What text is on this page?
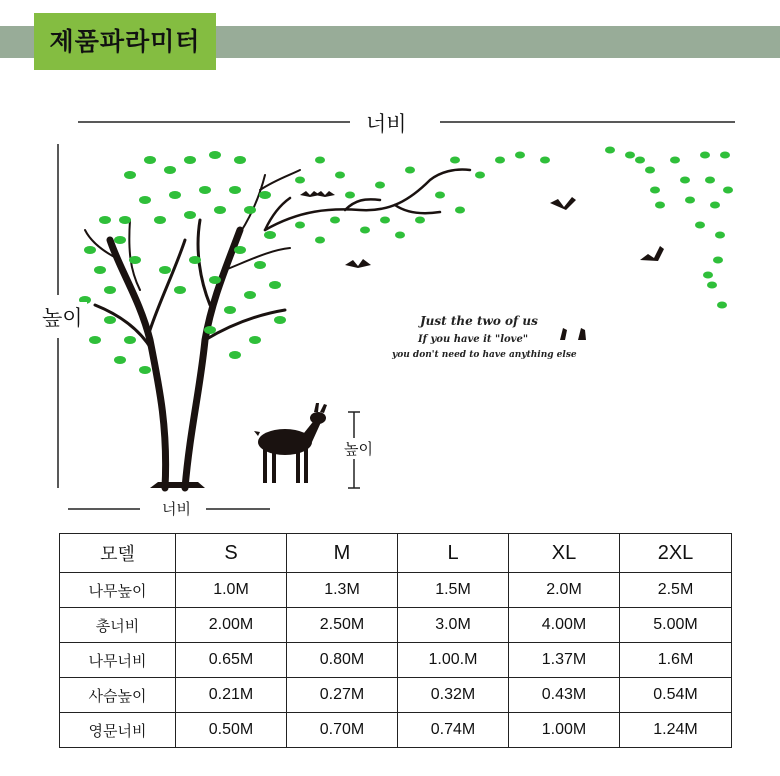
제품파라미터
너비
높이
높이
너비
Just the two of us
If you have it "love"
you don't need to have anything else
모델	S	M	L	XL	2XL
나무높이	1.0M	1.3M	1.5M	2.0M	2.5M
총너비	2.00M	2.50M	3.0M	4.00M	5.00M
나무너비	0.65M	0.80M	1.00.M	1.37M	1.6M
사슴높이	0.21M	0.27M	0.32M	0.43M	0.54M
영문너비	0.50M	0.70M	0.74M	1.00M	1.24M
